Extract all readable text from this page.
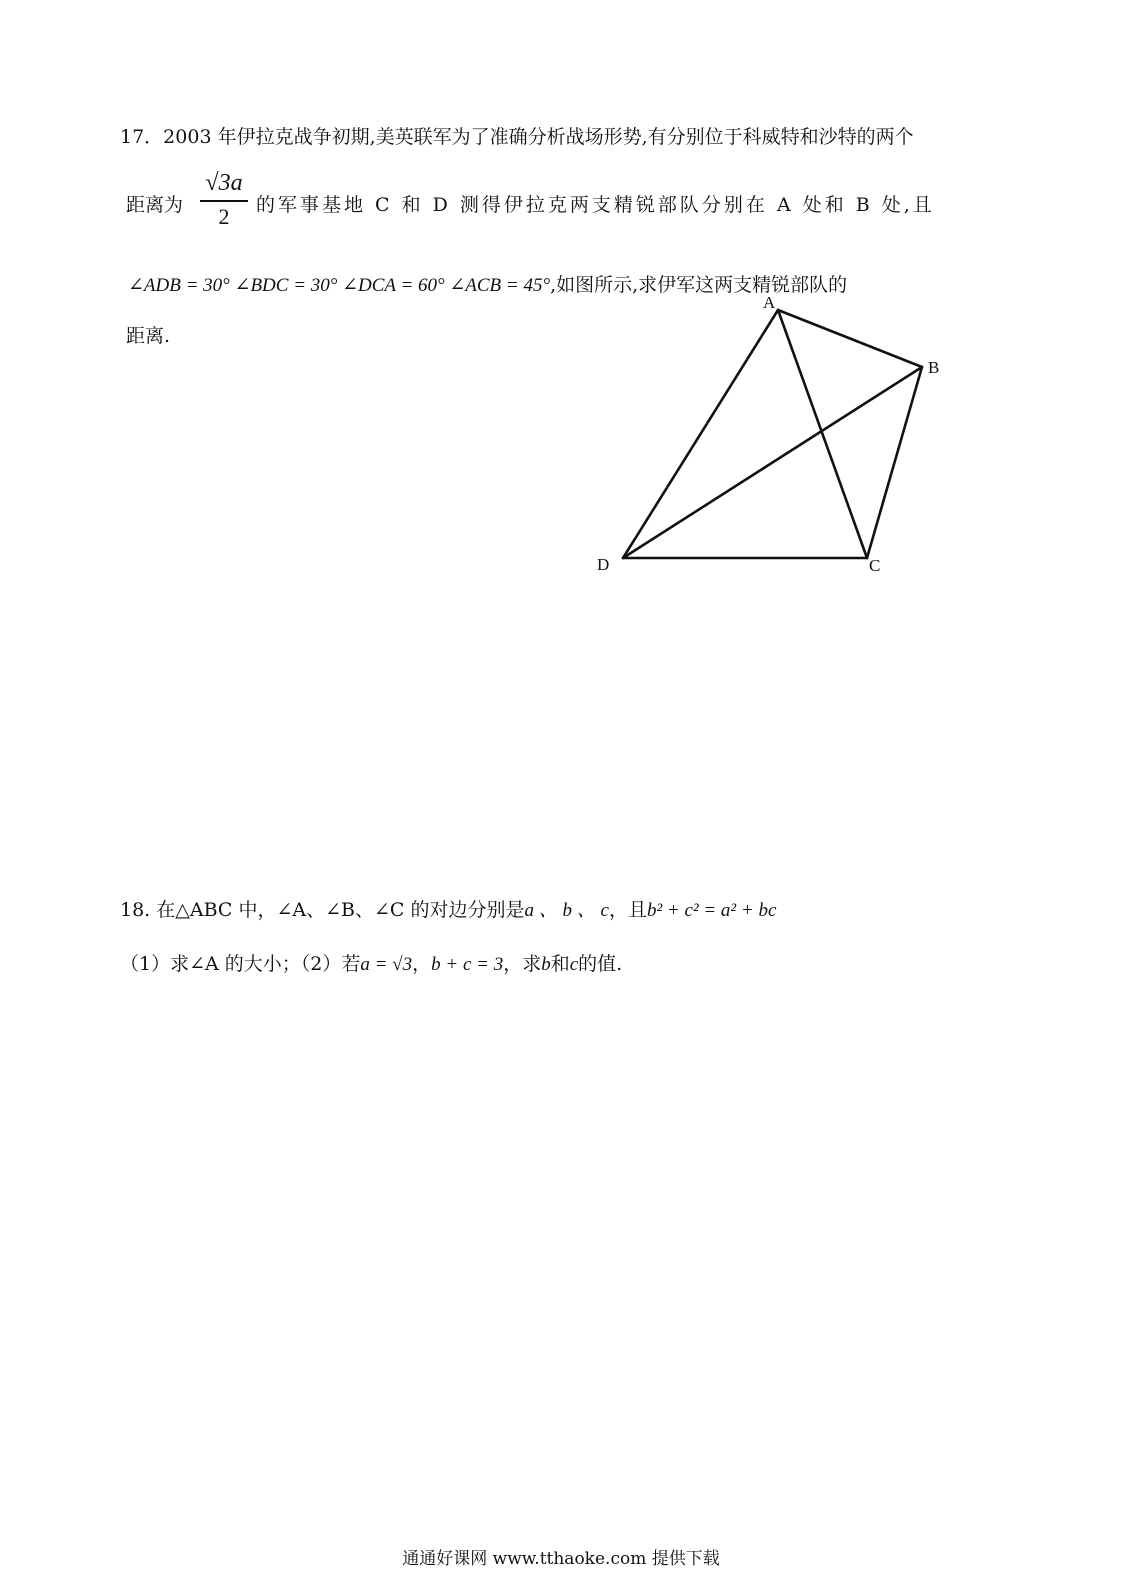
17．2003 年伊拉克战争初期,美英联军为了准确分析战场形势,有分别位于科威特和沙特的两个
距离为
√3a
2	的军事基地 C 和 D 测得伊拉克两支精锐部队分别在 A 处和 B 处,且
∠ADB = 30° ∠BDC = 30° ∠DCA = 60° ∠ACB = 45°,如图所示,求伊军这两支精锐部队的
距离.
A
B
C
D
18. 在△ABC 中，∠A、∠B、∠C 的对边分别是a 、 b 、 c，且b² + c² = a² + bc
（1）求∠A 的大小；（2）若a = √3，b + c = 3，求b和c的值.
通通好课网 www.tthaoke.com 提供下载
